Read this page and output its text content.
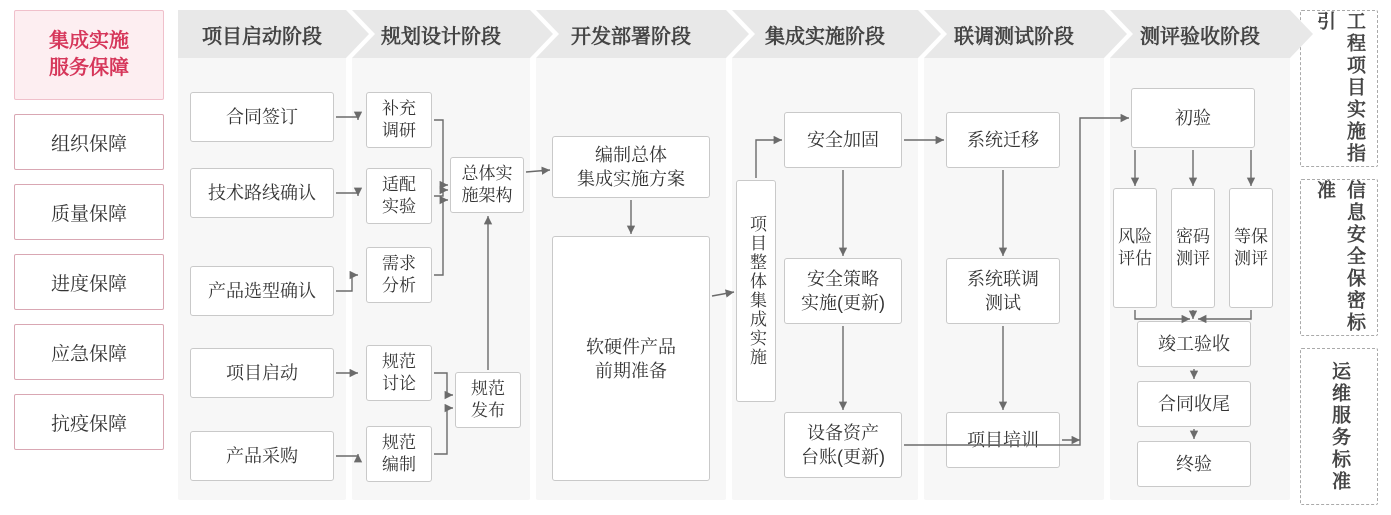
集成实施
服务保障
组织保障
质量保障
进度保障
应急保障
抗疫保障
项目启动阶段
合同签订
技术路线确认
产品选型确认
项目启动
产品采购
规划设计阶段
补充
调研
适配
实验
需求
分析
规范
讨论
规范
编制
总体实
施架构
规范
发布
开发部署阶段
编制总体
集成实施方案
软硬件产品
前期准备
集成实施阶段
项目整体集成实施
安全加固
安全策略
实施(更新)
设备资产
台账(更新)
联调测试阶段
系统迁移
系统联调
测试
项目培训
测评验收阶段
初验
风险
评估
密码
测评
等保
测评
竣工验收
合同收尾
终验
工程项目实施指引
信息安全保密标准
运维服务标准
